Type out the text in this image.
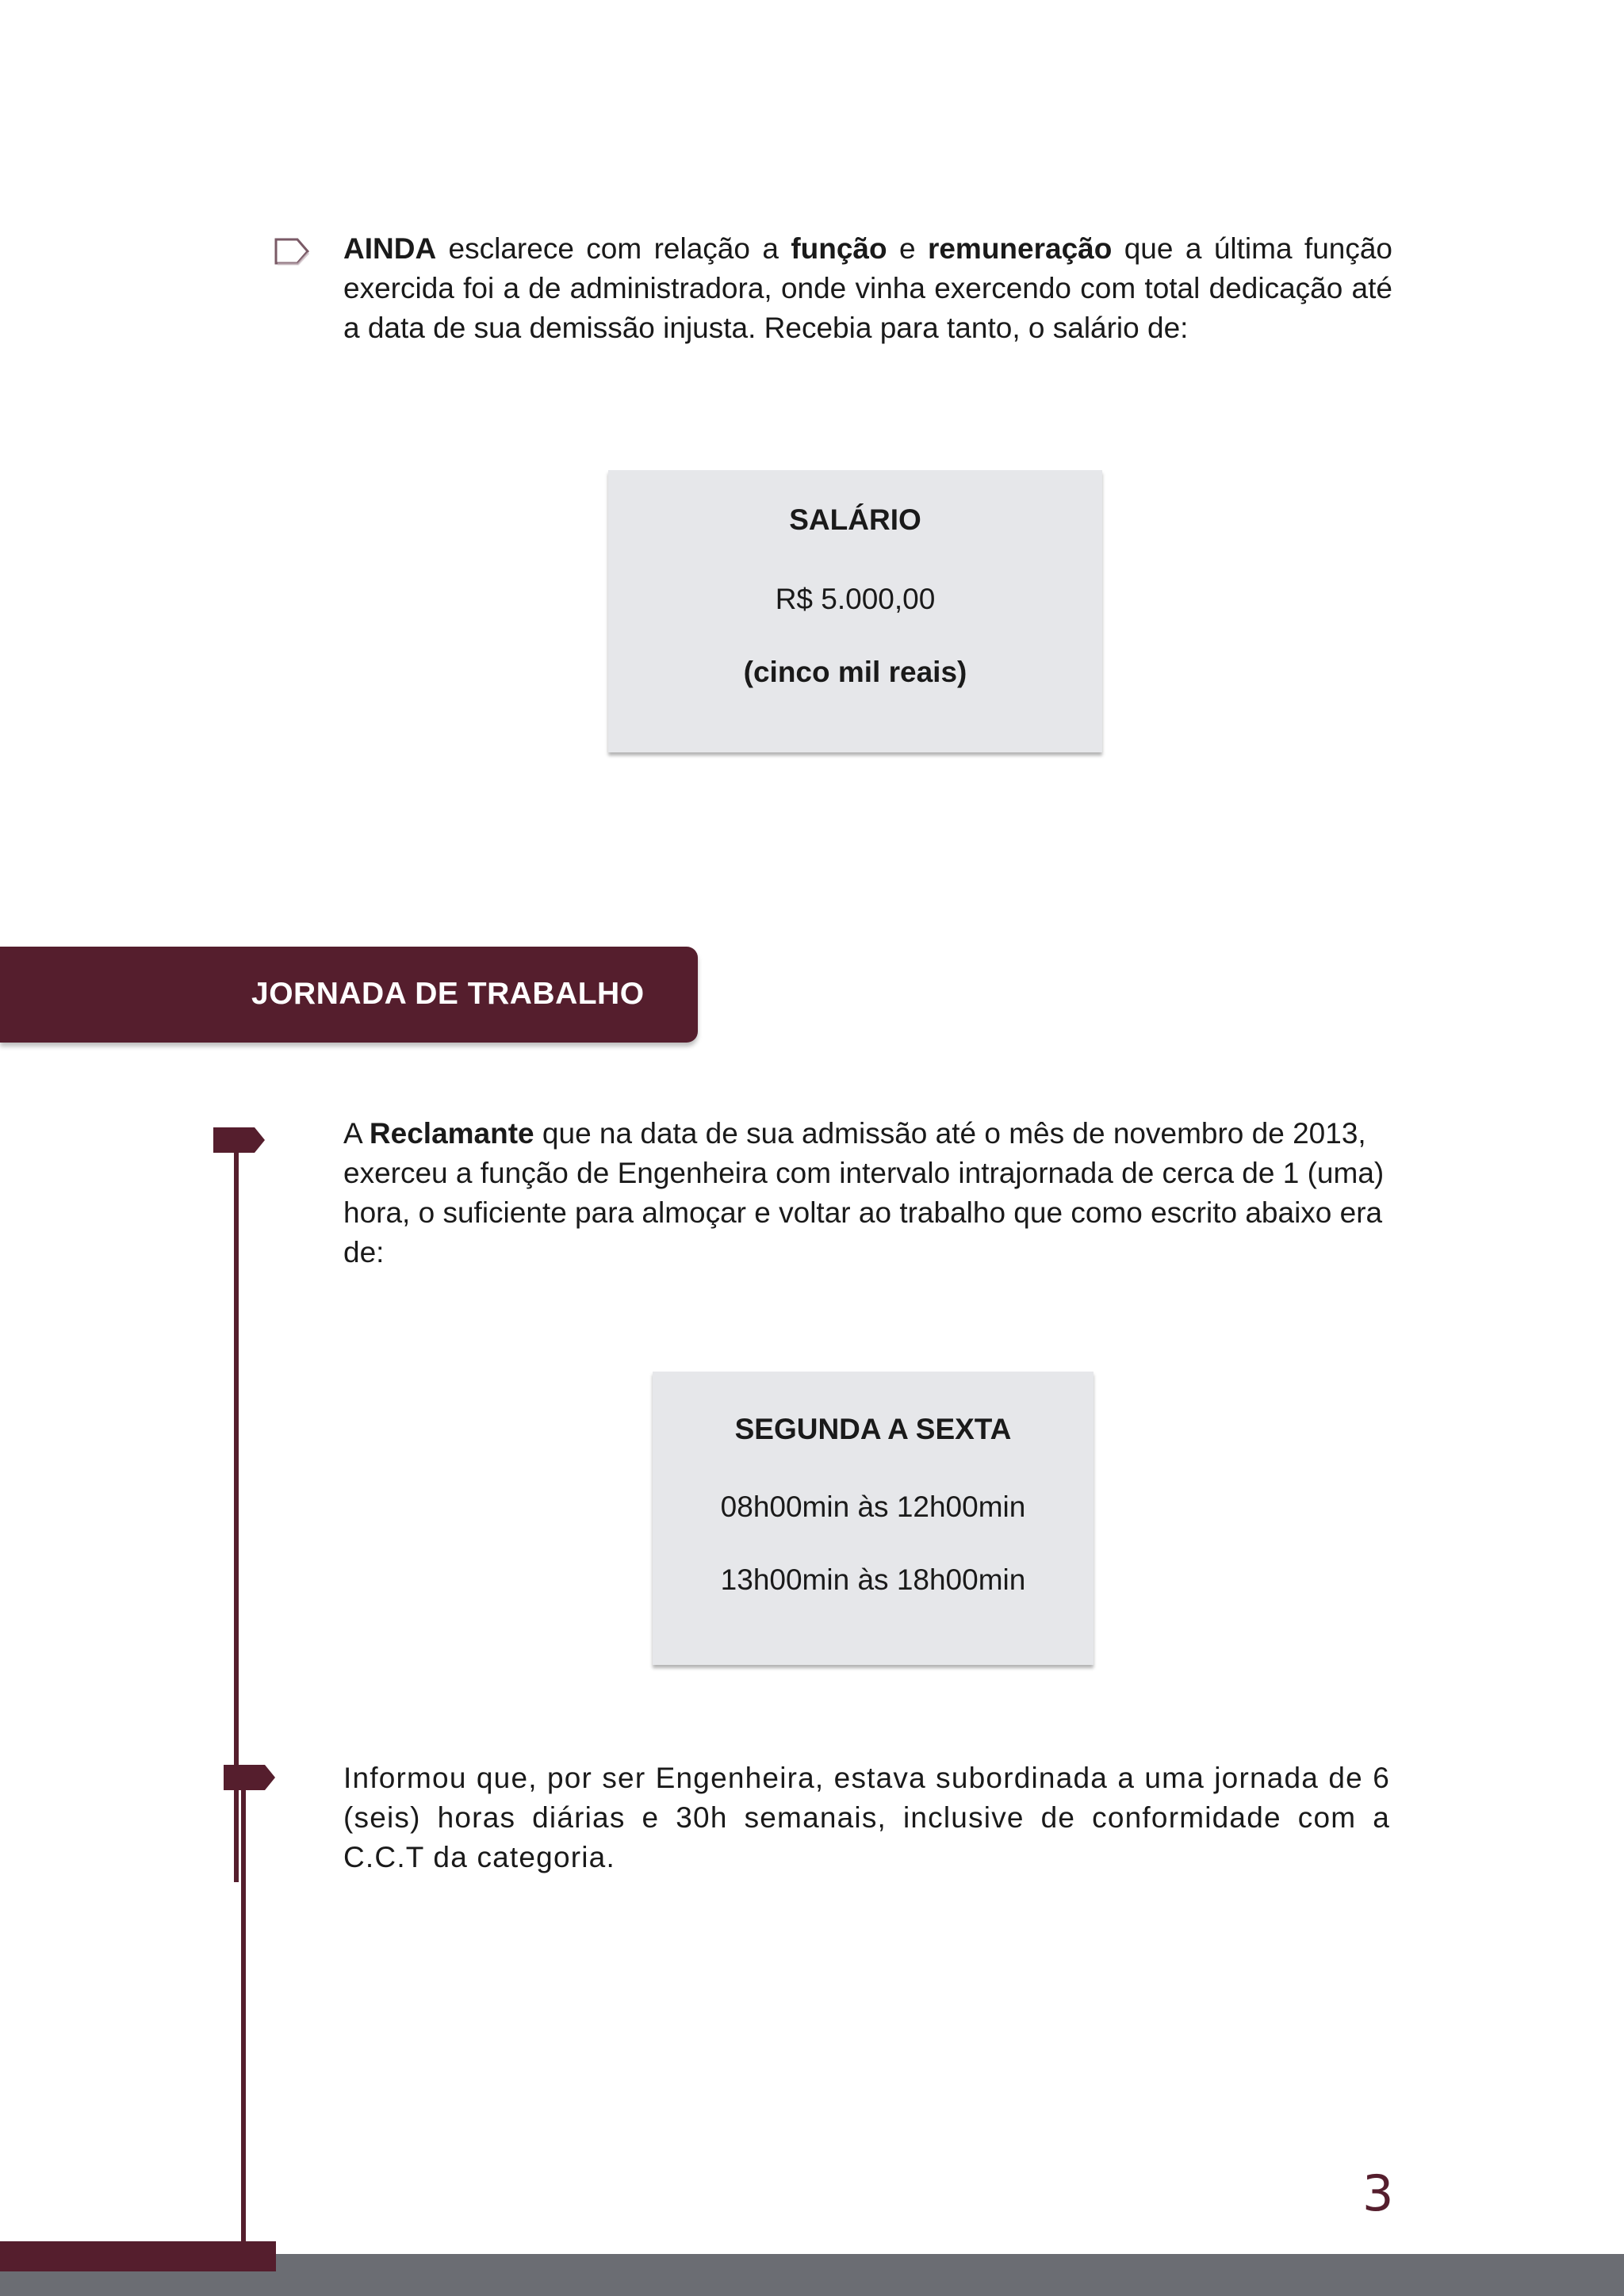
AINDA esclarece com relação a função e remuneração que a última função exercida foi a de administradora, onde vinha exercendo com total dedicação até a data de sua demissão injusta. Recebia para tanto, o salário de:

SALÁRIO
R$ 5.000,00
(cinco mil reais)
JORNADA DE TRABALHO

A Reclamante que na data de sua admissão até o mês de novembro de 2013, exerceu a função de Engenheira com intervalo intrajornada de cerca de 1 (uma) hora, o suficiente para almoçar e voltar ao trabalho que como escrito abaixo era de:

SEGUNDA A SEXTA
08h00min às 12h00min
13h00min às 18h00min

Informou que, por ser Engenheira, estava subordinada a uma jornada de 6 (seis) horas diárias e 30h semanais, inclusive de conformidade com a C.C.T da categoria.

3
